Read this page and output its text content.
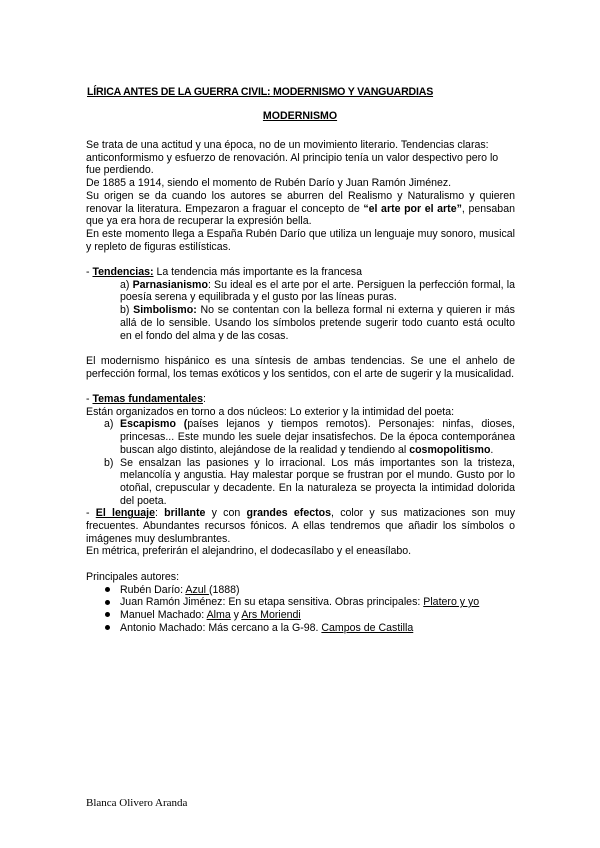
LÍRICA ANTES DE LA GUERRA CIVIL: MODERNISMO Y VANGUARDIAS
MODERNISMO

Se trata de una actitud y una época, no de un movimiento literario. Tendencias claras: anticonformismo y esfuerzo de renovación. Al principio tenía un valor despectivo pero lo fue perdiendo.

De 1885 a 1914, siendo el momento de Rubén Darío y Juan Ramón Jiménez.

Su origen se da cuando los autores se aburren del Realismo y Naturalismo y quieren renovar la literatura. Empezaron a fraguar el concepto de “el arte por el arte”, pensaban que ya era hora de recuperar la expresión bella.

En este momento llega a España Rubén Darío que utiliza un lenguaje muy sonoro, musical y repleto de figuras estilísticas.

- Tendencias: La tendencia más importante es la francesa

a) Parnasianismo: Su ideal es el arte por el arte. Persiguen la perfección formal, la poesía serena y equilibrada y el gusto por las líneas puras.

b) Simbolismo: No se contentan con la belleza formal ni externa y quieren ir más allá de lo sensible. Usando los símbolos pretende sugerir todo cuanto está oculto en el fondo del alma y de las cosas.

El modernismo hispánico es una síntesis de ambas tendencias. Se une el anhelo de perfección formal, los temas exóticos y los sentidos, con el arte de sugerir y la musicalidad.

- Temas fundamentales:

Están organizados en torno a dos núcleos: Lo exterior y la intimidad del poeta:

a) Escapismo (países lejanos y tiempos remotos). Personajes: ninfas, dioses, princesas... Este mundo les suele dejar insatisfechos. De la época contemporánea buscan algo distinto, alejándose de la realidad y tendiendo al cosmopolitismo.
b) Se ensalzan las pasiones y lo irracional. Los más importantes son la tristeza, melancolía y angustia. Hay malestar porque se frustran por el mundo. Gusto por lo otoñal, crepuscular y decadente. En la naturaleza se proyecta la intimidad dolorida del poeta.

- El lenguaje: brillante y con grandes efectos, color y sus matizaciones son muy frecuentes. Abundantes recursos fónicos. A ellas tendremos que añadir los símbolos o imágenes muy deslumbrantes.

En métrica, preferirán el alejandrino, el dodecasílabo y el eneasílabo.

Principales autores:

Rubén Darío: Azul (1888)
Juan Ramón Jiménez: En su etapa sensitiva. Obras principales: Platero y yo
Manuel Machado: Alma y Ars Moriendi
Antonio Machado: Más cercano a la G-98. Campos de Castilla
Blanca Olivero Aranda
